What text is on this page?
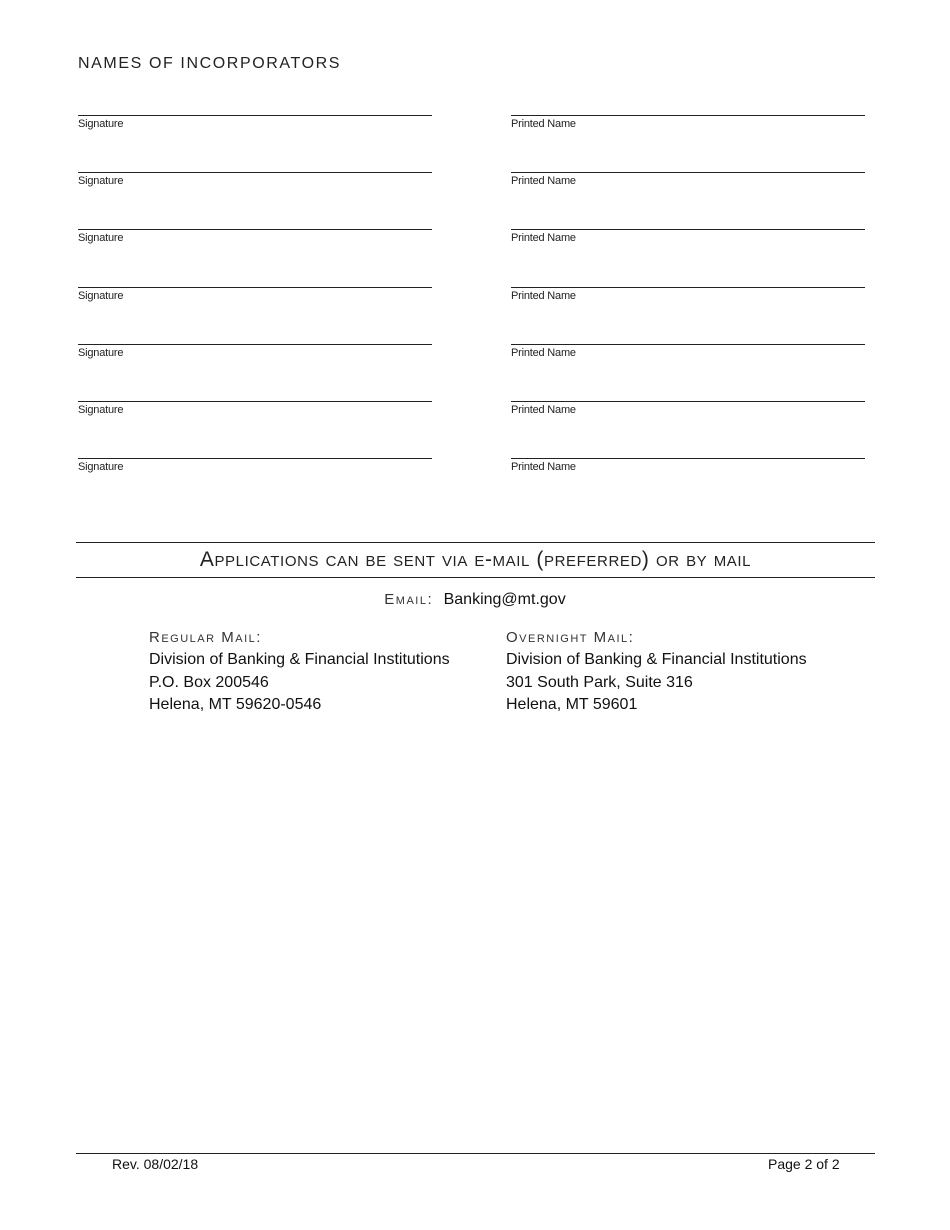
NAMES OF INCORPORATORS
Signature	Printed Name
Signature	Printed Name
Signature	Printed Name
Signature	Printed Name
Signature	Printed Name
Signature	Printed Name
Signature	Printed Name
Applications can be sent via e-mail (preferred) or by mail
Email: Banking@mt.gov
Regular Mail:
Division of Banking & Financial Institutions
P.O. Box 200546
Helena, MT 59620-0546
Overnight Mail:
Division of Banking & Financial Institutions
301 South Park, Suite 316
Helena, MT 59601
Rev. 08/02/18	Page 2 of 2
